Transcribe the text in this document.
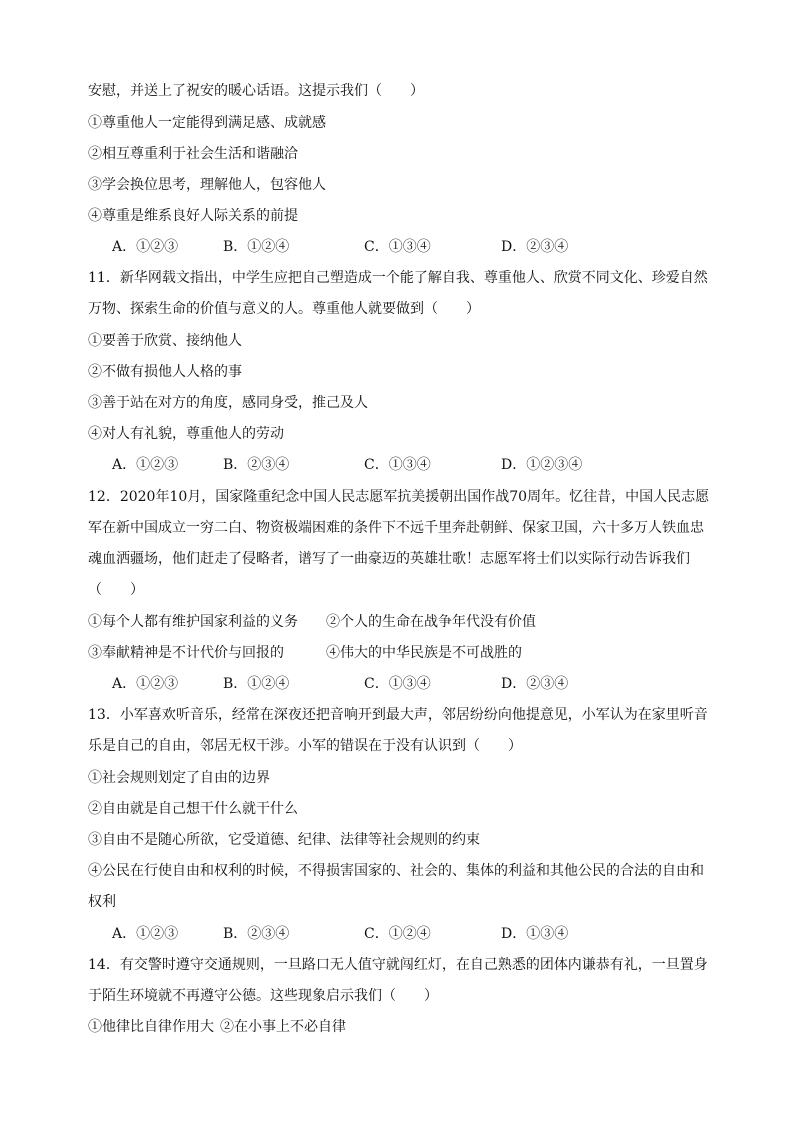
安慰，并送上了祝安的暖心话语。这提示我们（　　）
①尊重他人一定能得到满足感、成就感
②相互尊重利于社会生活和谐融洽
③学会换位思考，理解他人，包容他人
④尊重是维系良好人际关系的前提
A．①②③	B．①②④	C．①③④	D．②③④
11．新华网载文指出，中学生应把自己塑造成一个能了解自我、尊重他人、欣赏不同文化、珍爱自然
万物、探索生命的价值与意义的人。尊重他人就要做到（　　）
①要善于欣赏、接纳他人
②不做有损他人人格的事
③善于站在对方的角度，感同身受，推己及人
④对人有礼貌，尊重他人的劳动
A．①②③	B．②③④	C．①③④	D．①②③④
12．2020年10月，国家隆重纪念中国人民志愿军抗美援朝出国作战70周年。忆往昔，中国人民志愿
军在新中国成立一穷二白、物资极端困难的条件下不远千里奔赴朝鲜、保家卫国，六十多万人铁血忠
魂血洒疆场，他们赶走了侵略者，谱写了一曲豪迈的英雄壮歌！志愿军将士们以实际行动告诉我们
（　　）
①每个人都有维护国家利益的义务 ②个人的生命在战争年代没有价值
③奉献精神是不计代价与回报的	④伟大的中华民族是不可战胜的
A．①②③	B．①②④	C．①③④	D．②③④
13．小军喜欢听音乐，经常在深夜还把音响开到最大声，邻居纷纷向他提意见，小军认为在家里听音
乐是自己的自由，邻居无权干涉。小军的错误在于没有认识到（　　）
①社会规则划定了自由的边界
②自由就是自己想干什么就干什么
③自由不是随心所欲，它受道德、纪律、法律等社会规则的约束
④公民在行使自由和权利的时候，不得损害国家的、社会的、集体的利益和其他公民的合法的自由和
权利
A．①②③	B．②③④	C．①②④	D．①③④
14．有交警时遵守交通规则，一旦路口无人值守就闯红灯，在自己熟悉的团体内谦恭有礼，一旦置身
于陌生环境就不再遵守公德。这些现象启示我们（　　）
①他律比自律作用大 ②在小事上不必自律
